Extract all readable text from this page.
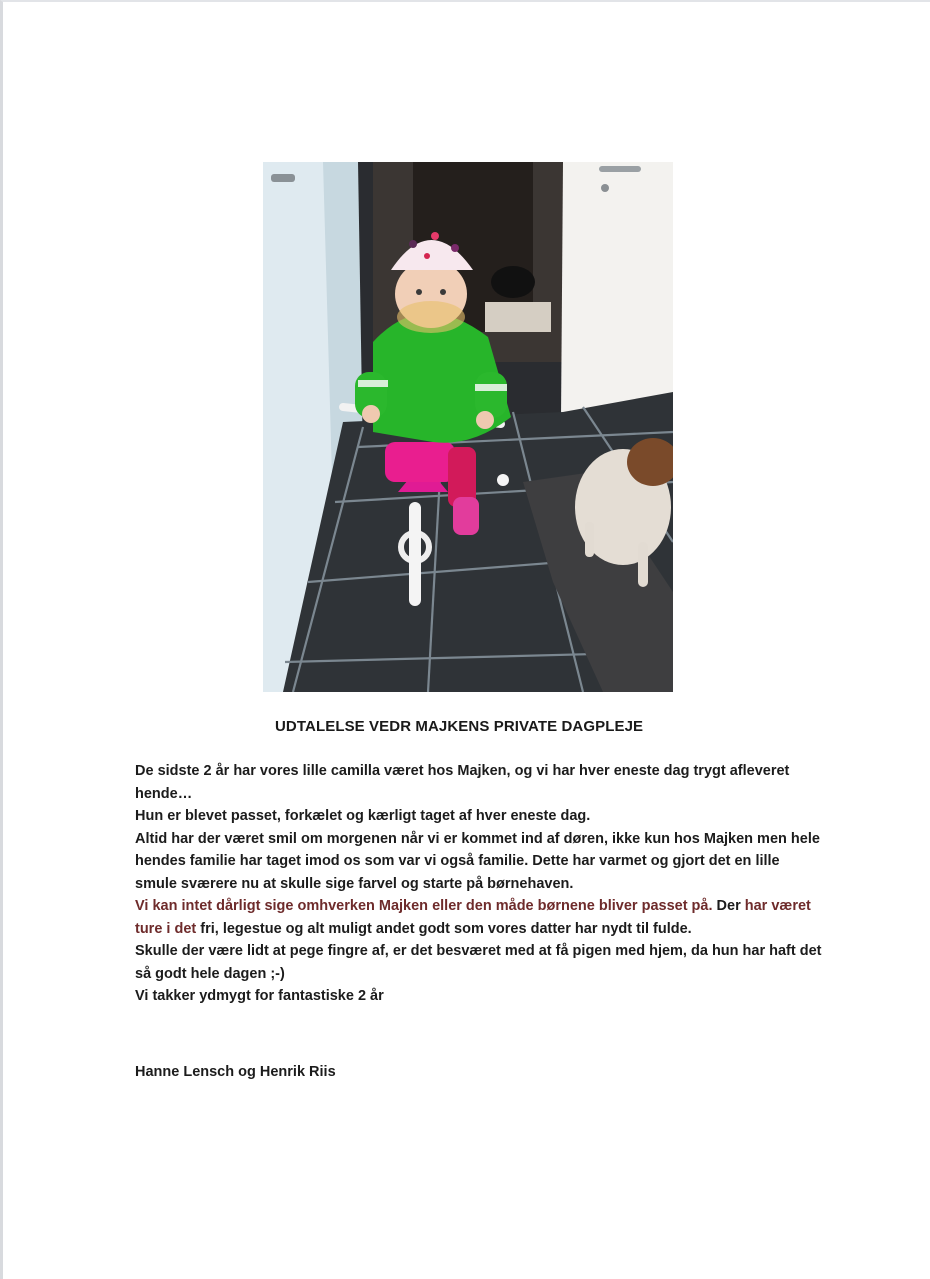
UDTALELSE VEDR MAJKENS PRIVATE DAGPLEJE

De sidste 2 år har vores lille camilla været hos Majken, og vi har hver eneste dag trygt afleveret hende…

Hun er blevet passet, forkælet og kærligt taget af hver eneste dag.

Altid har der været smil om morgenen når vi er kommet ind af døren, ikke kun hos Majken men hele hendes familie har taget imod os som var vi også familie. Dette har varmet og gjort det en lille smule sværere nu at skulle sige farvel og starte på børnehaven.

Vi kan intet dårligt sige omhverken Majken eller den måde børnene bliver passet på. Der har været ture i det fri, legestue og alt muligt andet godt som vores datter har nydt til fulde.

Skulle der være lidt at pege fingre af, er det besværet med at få pigen med hjem, da hun har haft det så godt hele dagen ;-)

Vi takker ydmygt for fantastiske 2 år

Hanne Lensch og Henrik Riis
